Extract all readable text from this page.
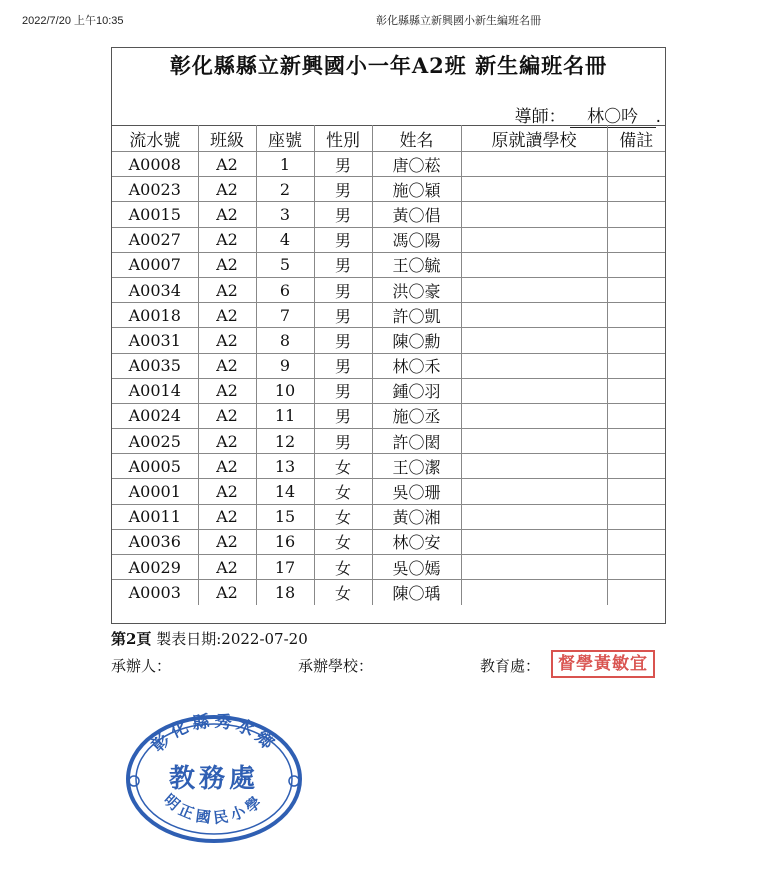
2022/7/20 上午10:35	彰化縣縣立新興國小新生編班名冊
彰化縣縣立新興國小一年A2班 新生編班名冊
導師： 林〇吟 .
流水號	班級	座號	性別	姓名	原就讀學校	備註
A0008	A2	1	男	唐〇菘		
A0023	A2	2	男	施〇穎		
A0015	A2	3	男	黃〇倡		
A0027	A2	4	男	馮〇陽		
A0007	A2	5	男	王〇毓		
A0034	A2	6	男	洪〇豪		
A0018	A2	7	男	許〇凱		
A0031	A2	8	男	陳〇勳		
A0035	A2	9	男	林〇禾		
A0014	A2	10	男	鍾〇羽		
A0024	A2	11	男	施〇丞		
A0025	A2	12	男	許〇閎		
A0005	A2	13	女	王〇潔		
A0001	A2	14	女	吳〇珊		
A0011	A2	15	女	黃〇湘		
A0036	A2	16	女	林〇安		
A0029	A2	17	女	吳〇嫣		
A0003	A2	18	女	陳〇瑀		
第2頁 製表日期:2022-07-20
承辦人：	承辦學校：	教育處：	督學黃敏宜
彰化縣秀水鄉
教務處
明正國民小學
